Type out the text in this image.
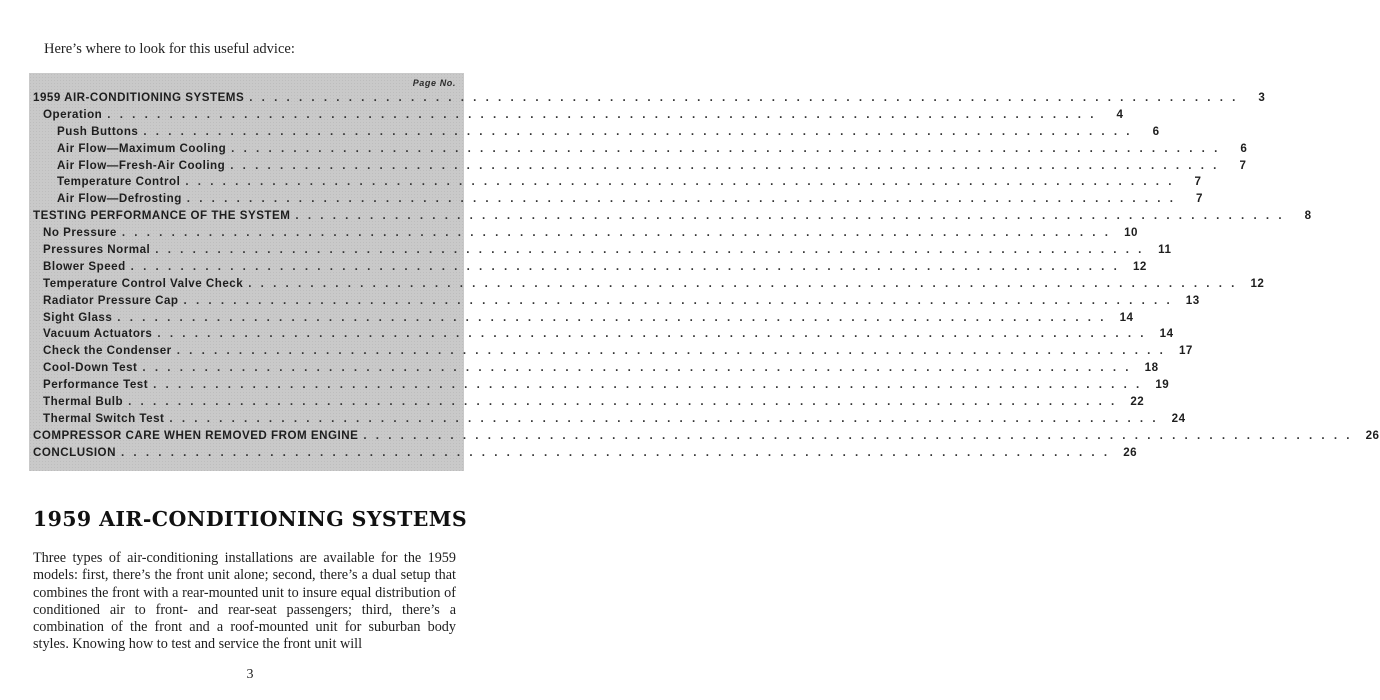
Here’s where to look for this useful advice:
Page No.
1959 AIR-CONDITIONING SYSTEMS . . . . . . . . . . . . . . . . . . . . . . . . . . . . . . . . . . . . . . . . . . . . . . . . . . . . . . . . . . . . . . . . . . . . . . . . . . . . . . . .	3
Operation . . . . . . . . . . . . . . . . . . . . . . . . . . . . . . . . . . . . . . . . . . . . . . . . . . . . . . . . . . . . . . . . . . . . . . . . . . . . . . . .	4
Push Buttons . . . . . . . . . . . . . . . . . . . . . . . . . . . . . . . . . . . . . . . . . . . . . . . . . . . . . . . . . . . . . . . . . . . . . . . . . . . . . . . .	6
Air Flow—Maximum Cooling . . . . . . . . . . . . . . . . . . . . . . . . . . . . . . . . . . . . . . . . . . . . . . . . . . . . . . . . . . . . . . . . . . . . . . . . . . . . . . . .	6
Air Flow—Fresh-Air Cooling . . . . . . . . . . . . . . . . . . . . . . . . . . . . . . . . . . . . . . . . . . . . . . . . . . . . . . . . . . . . . . . . . . . . . . . . . . . . . . . .	7
Temperature Control . . . . . . . . . . . . . . . . . . . . . . . . . . . . . . . . . . . . . . . . . . . . . . . . . . . . . . . . . . . . . . . . . . . . . . . . . . . . . . . .	7
Air Flow—Defrosting . . . . . . . . . . . . . . . . . . . . . . . . . . . . . . . . . . . . . . . . . . . . . . . . . . . . . . . . . . . . . . . . . . . . . . . . . . . . . . . .	7
TESTING PERFORMANCE OF THE SYSTEM . . . . . . . . . . . . . . . . . . . . . . . . . . . . . . . . . . . . . . . . . . . . . . . . . . . . . . . . . . . . . . . . . . . . . . . . . . . . . . . .	8
No Pressure . . . . . . . . . . . . . . . . . . . . . . . . . . . . . . . . . . . . . . . . . . . . . . . . . . . . . . . . . . . . . . . . . . . . . . . . . . . . . . . .	10
Pressures Normal . . . . . . . . . . . . . . . . . . . . . . . . . . . . . . . . . . . . . . . . . . . . . . . . . . . . . . . . . . . . . . . . . . . . . . . . . . . . . . . .	11
Blower Speed . . . . . . . . . . . . . . . . . . . . . . . . . . . . . . . . . . . . . . . . . . . . . . . . . . . . . . . . . . . . . . . . . . . . . . . . . . . . . . . .	12
Temperature Control Valve Check . . . . . . . . . . . . . . . . . . . . . . . . . . . . . . . . . . . . . . . . . . . . . . . . . . . . . . . . . . . . . . . . . . . . . . . . . . . . . . . .	12
Radiator Pressure Cap . . . . . . . . . . . . . . . . . . . . . . . . . . . . . . . . . . . . . . . . . . . . . . . . . . . . . . . . . . . . . . . . . . . . . . . . . . . . . . . .	13
Sight Glass . . . . . . . . . . . . . . . . . . . . . . . . . . . . . . . . . . . . . . . . . . . . . . . . . . . . . . . . . . . . . . . . . . . . . . . . . . . . . . . .	14
Vacuum Actuators . . . . . . . . . . . . . . . . . . . . . . . . . . . . . . . . . . . . . . . . . . . . . . . . . . . . . . . . . . . . . . . . . . . . . . . . . . . . . . . .	14
Check the Condenser . . . . . . . . . . . . . . . . . . . . . . . . . . . . . . . . . . . . . . . . . . . . . . . . . . . . . . . . . . . . . . . . . . . . . . . . . . . . . . . .	17
Cool-Down Test . . . . . . . . . . . . . . . . . . . . . . . . . . . . . . . . . . . . . . . . . . . . . . . . . . . . . . . . . . . . . . . . . . . . . . . . . . . . . . . .	18
Performance Test . . . . . . . . . . . . . . . . . . . . . . . . . . . . . . . . . . . . . . . . . . . . . . . . . . . . . . . . . . . . . . . . . . . . . . . . . . . . . . . .	19
Thermal Bulb . . . . . . . . . . . . . . . . . . . . . . . . . . . . . . . . . . . . . . . . . . . . . . . . . . . . . . . . . . . . . . . . . . . . . . . . . . . . . . . .	22
Thermal Switch Test . . . . . . . . . . . . . . . . . . . . . . . . . . . . . . . . . . . . . . . . . . . . . . . . . . . . . . . . . . . . . . . . . . . . . . . . . . . . . . . .	24
COMPRESSOR CARE WHEN REMOVED FROM ENGINE . . . . . . . . . . . . . . . . . . . . . . . . . . . . . . . . . . . . . . . . . . . . . . . . . . . . . . . . . . . . . . . . . . . . . . . . . . . . . . . .	26
CONCLUSION . . . . . . . . . . . . . . . . . . . . . . . . . . . . . . . . . . . . . . . . . . . . . . . . . . . . . . . . . . . . . . . . . . . . . . . . . . . . . . . .	26
1959 AIR-CONDITIONING SYSTEMS

Three types of air-conditioning installations are available for the 1959 models: first, there’s the front unit alone; second, there’s a dual setup that combines the front with a rear-mounted unit to insure equal distribution of conditioned air to front- and rear-seat passengers; third, there’s a combination of the front and a roof-mounted unit for suburban body styles. Knowing how to test and service the front unit will

3
